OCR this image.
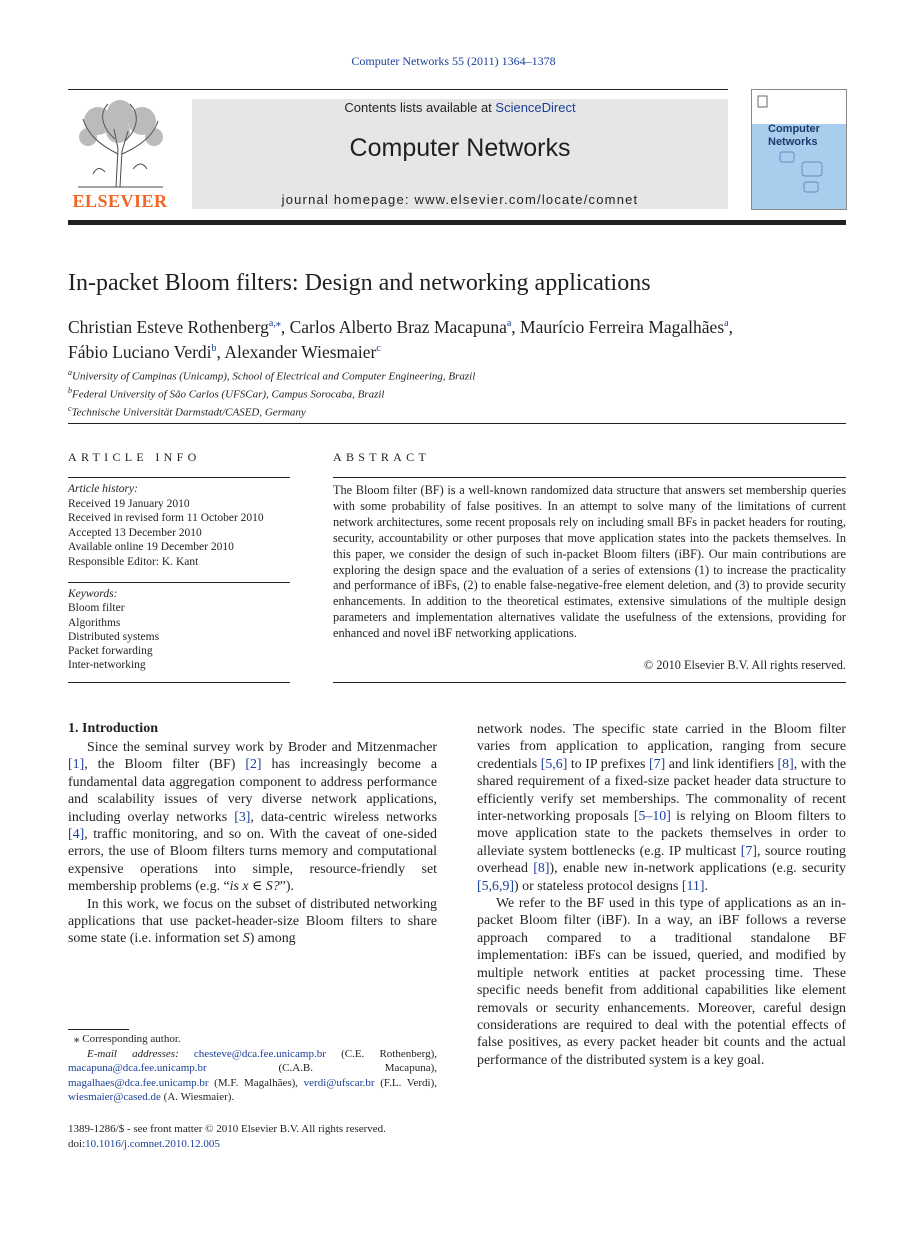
Computer Networks 55 (2011) 1364–1378
ELSEVIER
Contents lists available at ScienceDirect
Computer Networks
journal homepage: www.elsevier.com/locate/comnet
Computer
Networks
In-packet Bloom filters: Design and networking applications
Christian Esteve Rothenberg$^{a,⁎}$, Carlos Alberto Braz Macapuna$^a$, Maurício Ferreira Magalhães$^a$,
Fábio Luciano Verdi$^b$, Alexander Wiesmaier$^c$
$^a$University of Campinas (Unicamp), School of Electrical and Computer Engineering, Brazil
$^b$Federal University of São Carlos (UFSCar), Campus Sorocaba, Brazil
$^c$Technische Universität Darmstadt/CASED, Germany
ARTICLE INFO
Article history:
Received 19 January 2010
Received in revised form 11 October 2010
Accepted 13 December 2010
Available online 19 December 2010
Responsible Editor: K. Kant
Keywords:
Bloom filter
Algorithms
Distributed systems
Packet forwarding
Inter-networking
ABSTRACT
The Bloom filter (BF) is a well-known randomized data structure that answers set membership queries with some probability of false positives. In an attempt to solve many of the limitations of current network architectures, some recent proposals rely on including small BFs in packet headers for routing, security, accountability or other purposes that move application states into the packets themselves. In this paper, we consider the design of such in-packet Bloom filters (iBF). Our main contributions are exploring the design space and the evaluation of a series of extensions (1) to increase the practicality and performance of iBFs, (2) to enable false-negative-free element deletion, and (3) to provide security enhancements. In addition to the theoretical estimates, extensive simulations of the multiple design parameters and implementation alternatives validate the usefulness of the extensions, providing for enhanced and novel iBF networking applications.
© 2010 Elsevier B.V. All rights reserved.
1. Introduction

Since the seminal survey work by Broder and Mitzenmacher [1], the Bloom filter (BF) [2] has increasingly become a fundamental data aggregation component to address performance and scalability issues of very diverse network applications, including overlay networks [3], data-centric wireless networks [4], traffic monitoring, and so on. With the caveat of one-sided errors, the use of Bloom filters turns memory and computational expensive operations into simple, resource-friendly set membership problems (e.g. “is x ∈ S?”).

In this work, we focus on the subset of distributed networking applications that use packet-header-size Bloom filters to share some state (i.e. information set S) among

network nodes. The specific state carried in the Bloom filter varies from application to application, ranging from secure credentials [5,6] to IP prefixes [7] and link identifiers [8], with the shared requirement of a fixed-size packet header data structure to efficiently verify set memberships. The commonality of recent inter-networking proposals [5–10] is relying on Bloom filters to move application state to the packets themselves in order to alleviate system bottlenecks (e.g. IP multicast [7], source routing overhead [8]), enable new in-network applications (e.g. security [5,6,9]) or stateless protocol designs [11].

We refer to the BF used in this type of applications as an in-packet Bloom filter (iBF). In a way, an iBF follows a reverse approach compared to a traditional standalone BF implementation: iBFs can be issued, queried, and modified by multiple network entities at packet processing time. These specific needs benefit from additional capabilities like element removals or security enhancements. Moreover, careful design considerations are required to deal with the potential effects of false positives, as every packet header bit counts and the actual performance of the distributed system is a key goal.

⁎ Corresponding author.
E-mail addresses: chesteve@dca.fee.unicamp.br (C.E. Rothenberg), macapuna@dca.fee.unicamp.br (C.A.B. Macapuna), magalhaes@dca.fee.unicamp.br (M.F. Magalhães), verdi@ufscar.br (F.L. Verdi), wiesmaier@cased.de (A. Wiesmaier).
1389-1286/$ - see front matter © 2010 Elsevier B.V. All rights reserved.
doi:10.1016/j.comnet.2010.12.005
